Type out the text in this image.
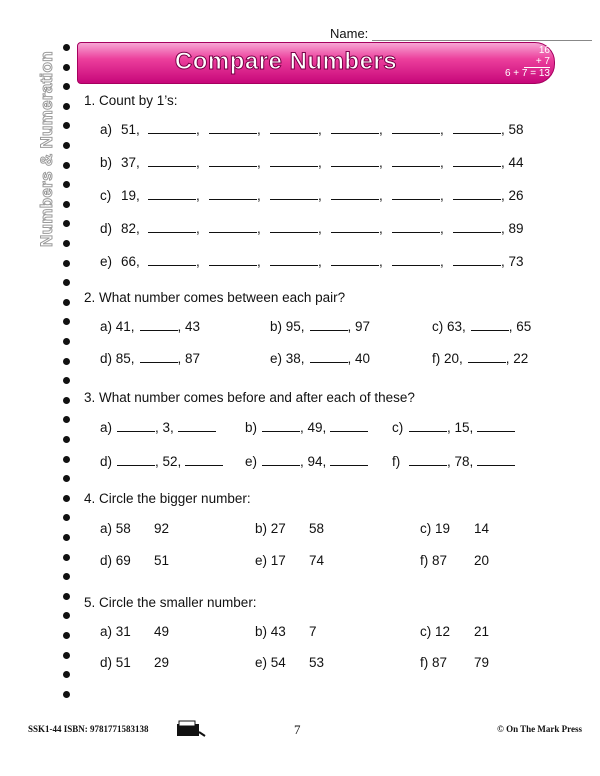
Name:
Numbers & Numeration	Compare Numbers	16
+ 7
6 + 7 = 13
1. Count by 1’s:
a) 51,	,	,	,	,	,	, 58
b) 37,	,	,	,	,	,	, 44
c) 19,	,	,	,	,	,	, 26
d) 82,	,	,	,	,	,	, 89
e) 66,	,	,	,	,	,	, 73
2. What number comes between each pair?
a) 41,	, 43	b) 95,	, 97	c) 63,	, 65
d) 85,	, 87	e) 38,	, 40	f) 20,	, 22
3. What number comes before and after each of these?
a)	, 3,	b)	, 49,	c)	, 15,
d)	, 52,	e)	, 94,	f)	, 78,
4. Circle the bigger number:
a) 58 92	b) 27 58	c) 19 14
d) 69 51	e) 17 74	f) 87 20
5. Circle the smaller number:
a) 31 49	b) 43 7	c) 12 21
d) 51 29	e) 54 53	f) 87 79
SSK1-44 ISBN: 9781771583138	7	© On The Mark Press
